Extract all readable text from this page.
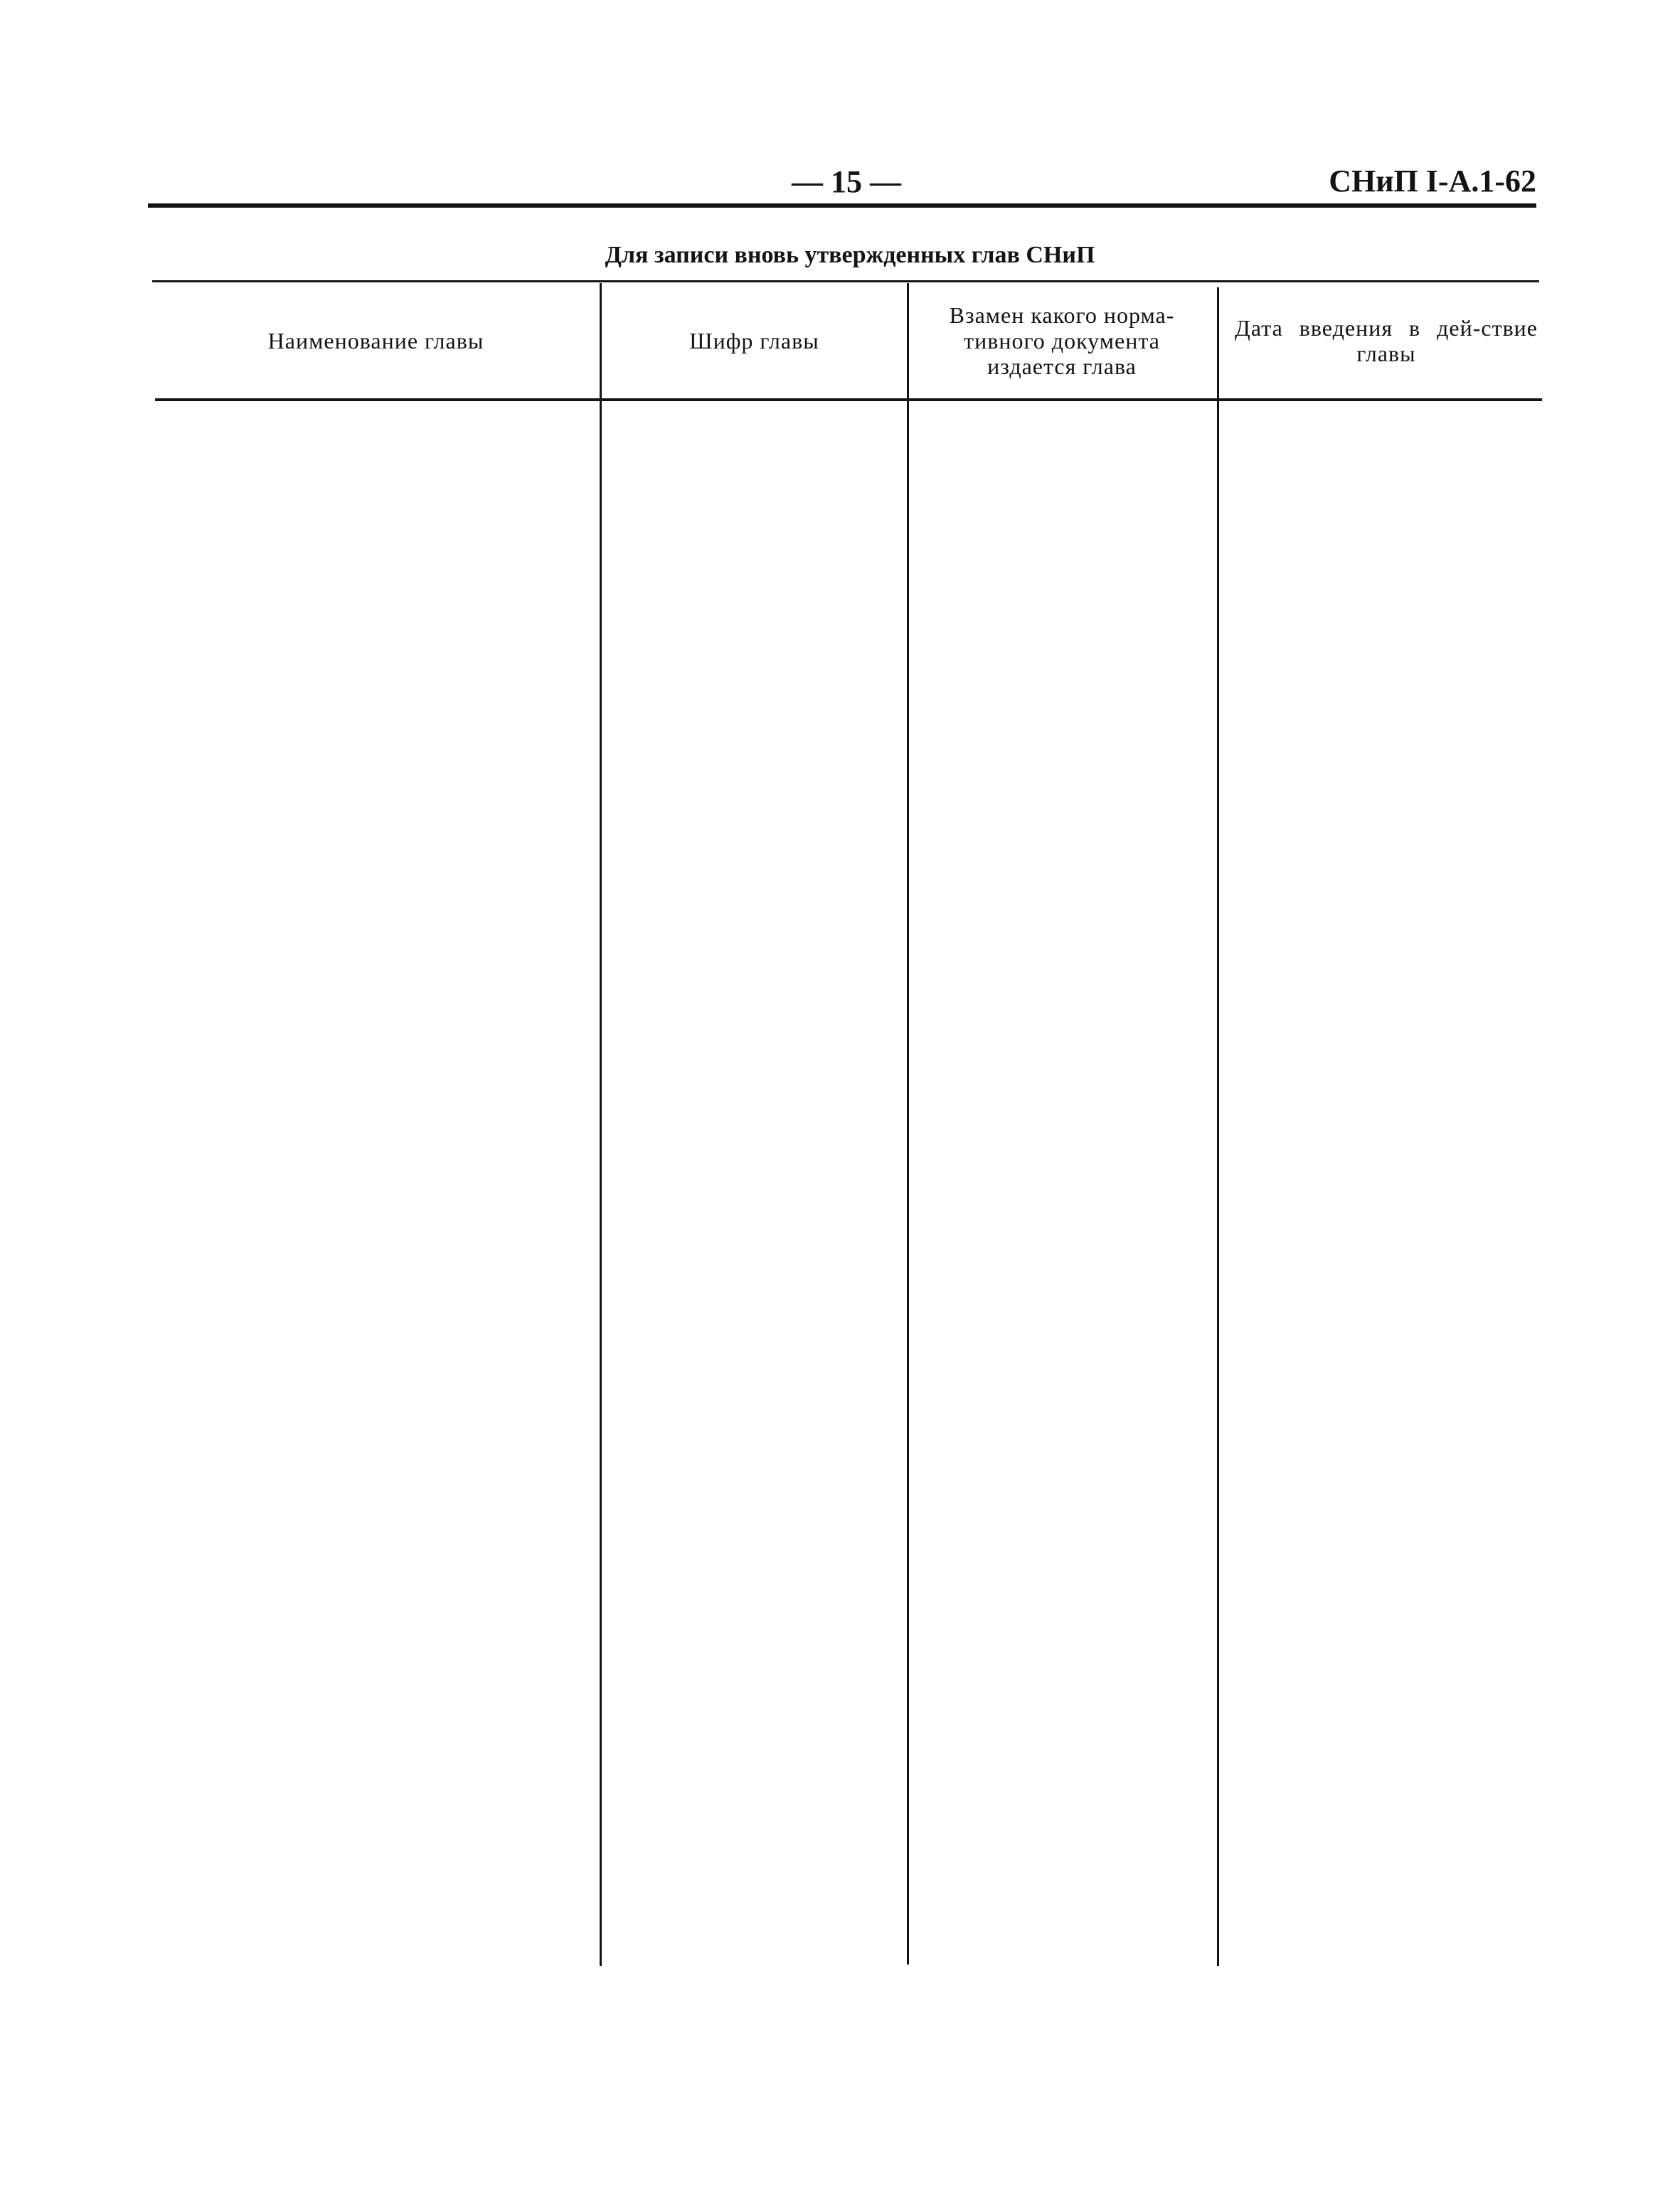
— 15 —	СНиП I-A.1-62
Для записи вновь утвержденных глав СНиП
Наименование главы	Шифр главы
Взамен какого норма-тивного документа издается глава
Дата введения в дей-ствие главы
